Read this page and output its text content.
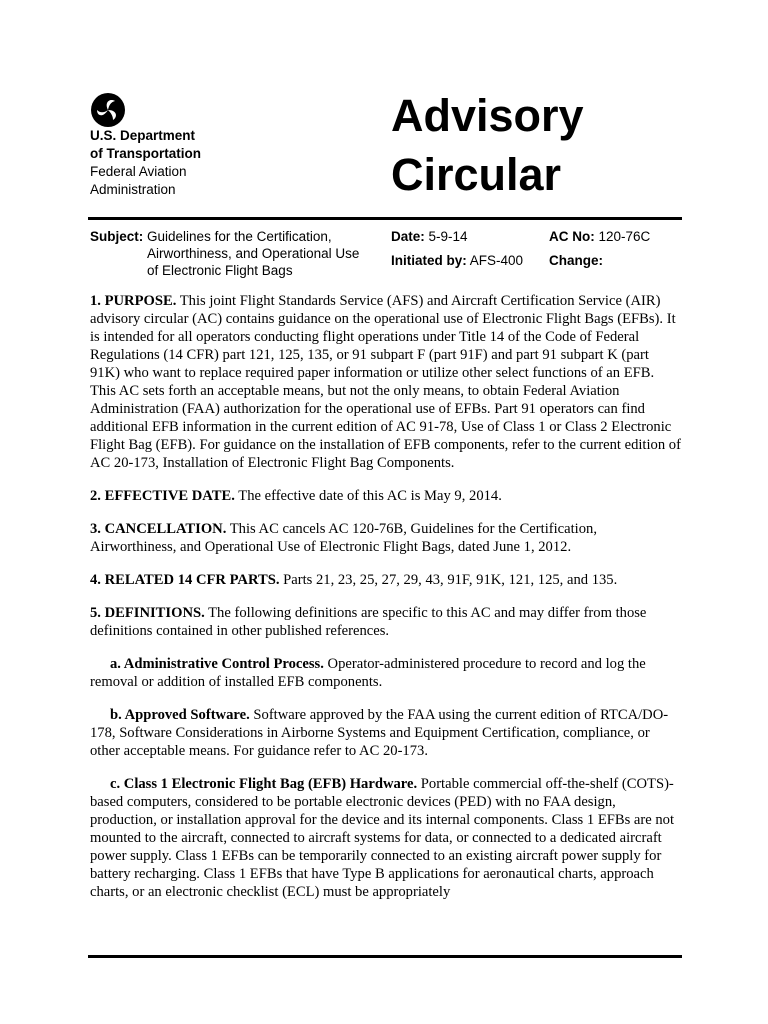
U.S. Department
of Transportation
Federal Aviation
Administration
Advisory
Circular
Subject: Guidelines for the Certification,
Airworthiness, and Operational Use
of Electronic Flight Bags
Date: 5-9-14
Initiated by: AFS-400
AC No: 120-76C
Change:

1. PURPOSE. This joint Flight Standards Service (AFS) and Aircraft Certification Service (AIR) advisory circular (AC) contains guidance on the operational use of Electronic Flight Bags (EFBs). It is intended for all operators conducting flight operations under Title 14 of the Code of Federal Regulations (14 CFR) part 121, 125, 135, or 91 subpart F (part 91F) and part 91 subpart K (part 91K) who want to replace required paper information or utilize other select functions of an EFB. This AC sets forth an acceptable means, but not the only means, to obtain Federal Aviation Administration (FAA) authorization for the operational use of EFBs. Part 91 operators can find additional EFB information in the current edition of AC 91-78, Use of Class 1 or Class 2 Electronic Flight Bag (EFB). For guidance on the installation of EFB components, refer to the current edition of AC 20-173, Installation of Electronic Flight Bag Components.

2. EFFECTIVE DATE. The effective date of this AC is May 9, 2014.

3. CANCELLATION. This AC cancels AC 120-76B, Guidelines for the Certification, Airworthiness, and Operational Use of Electronic Flight Bags, dated June 1, 2012.

4. RELATED 14 CFR PARTS. Parts 21, 23, 25, 27, 29, 43, 91F, 91K, 121, 125, and 135.

5. DEFINITIONS. The following definitions are specific to this AC and may differ from those definitions contained in other published references.

a. Administrative Control Process. Operator-administered procedure to record and log the removal or addition of installed EFB components.

b. Approved Software. Software approved by the FAA using the current edition of RTCA/DO-178, Software Considerations in Airborne Systems and Equipment Certification, compliance, or other acceptable means. For guidance refer to AC 20-173.

c. Class 1 Electronic Flight Bag (EFB) Hardware. Portable commercial off-the-shelf (COTS)-based computers, considered to be portable electronic devices (PED) with no FAA design, production, or installation approval for the device and its internal components. Class 1 EFBs are not mounted to the aircraft, connected to aircraft systems for data, or connected to a dedicated aircraft power supply. Class 1 EFBs can be temporarily connected to an existing aircraft power supply for battery recharging. Class 1 EFBs that have Type B applications for aeronautical charts, approach charts, or an electronic checklist (ECL) must be appropriately
